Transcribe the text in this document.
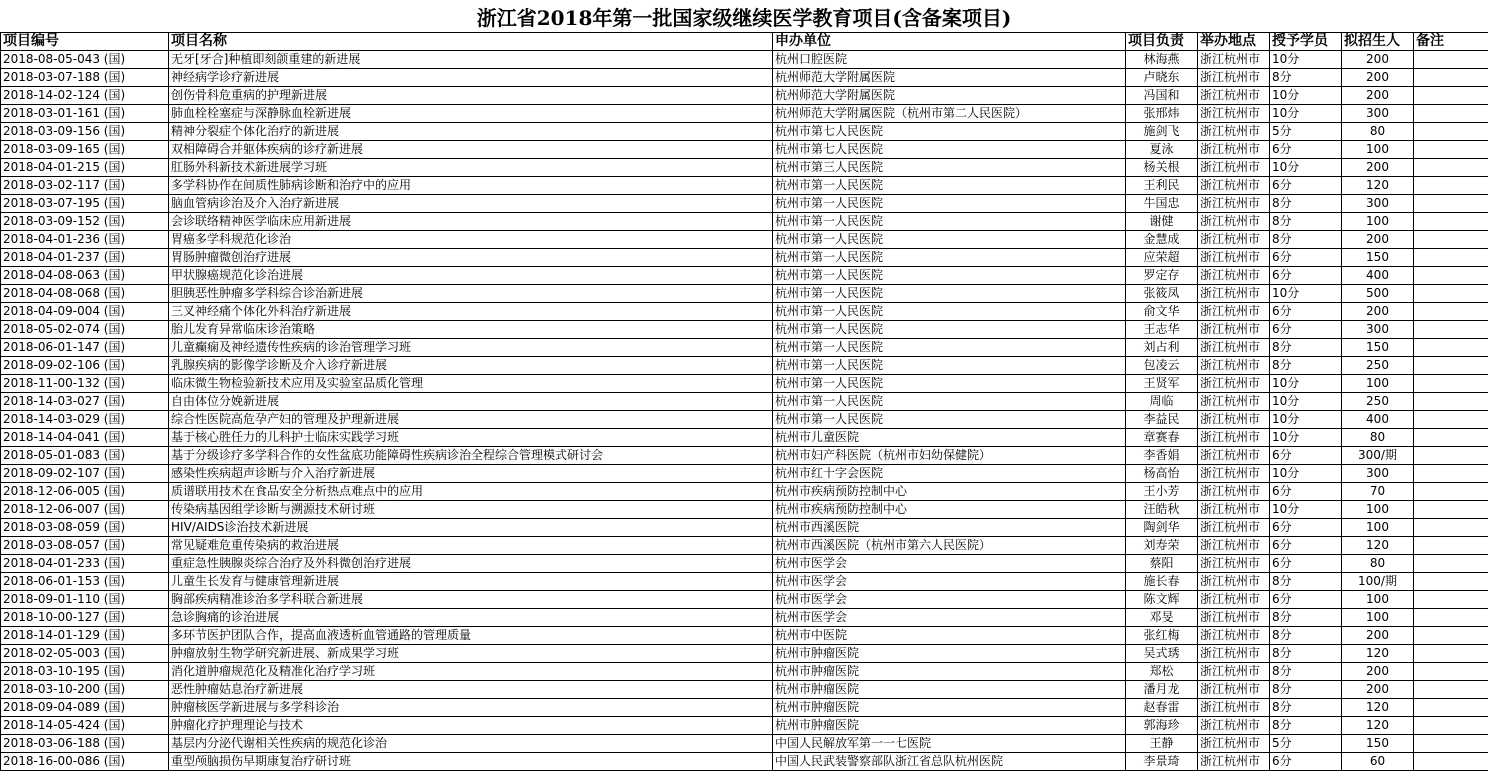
浙江省2018年第一批国家级继续医学教育项目(含备案项目)
项目编号	项目名称	申办单位	项目负责	举办地点	授予学员	拟招生人	备注
2018-08-05-043 (国)	无牙[牙合]种植即刻颌重建的新进展	杭州口腔医院	林海燕	浙江杭州市	10分	200	
2018-03-07-188 (国)	神经病学诊疗新进展	杭州师范大学附属医院	卢晓东	浙江杭州市	8分	200	
2018-14-02-124 (国)	创伤骨科危重病的护理新进展	杭州师范大学附属医院	冯国和	浙江杭州市	10分	200	
2018-03-01-161 (国)	肺血栓栓塞症与深静脉血栓新进展	杭州师范大学附属医院（杭州市第二人民医院）	张邢炜	浙江杭州市	10分	300	
2018-03-09-156 (国)	精神分裂症个体化治疗的新进展	杭州市第七人民医院	施剑飞	浙江杭州市	5分	80	
2018-03-09-165 (国)	双相障碍合并躯体疾病的诊疗新进展	杭州市第七人民医院	夏泳	浙江杭州市	6分	100	
2018-04-01-215 (国)	肛肠外科新技术新进展学习班	杭州市第三人民医院	杨关根	浙江杭州市	10分	200	
2018-03-02-117 (国)	多学科协作在间质性肺病诊断和治疗中的应用	杭州市第一人民医院	王利民	浙江杭州市	6分	120	
2018-03-07-195 (国)	脑血管病诊治及介入治疗新进展	杭州市第一人民医院	牛国忠	浙江杭州市	8分	300	
2018-03-09-152 (国)	会诊联络精神医学临床应用新进展	杭州市第一人民医院	谢健	浙江杭州市	8分	100	
2018-04-01-236 (国)	胃癌多学科规范化诊治	杭州市第一人民医院	金慧成	浙江杭州市	8分	200	
2018-04-01-237 (国)	胃肠肿瘤微创治疗进展	杭州市第一人民医院	应荣超	浙江杭州市	6分	150	
2018-04-08-063 (国)	甲状腺癌规范化诊治进展	杭州市第一人民医院	罗定存	浙江杭州市	6分	400	
2018-04-08-068 (国)	胆胰恶性肿瘤多学科综合诊治新进展	杭州市第一人民医院	张筱凤	浙江杭州市	10分	500	
2018-04-09-004 (国)	三叉神经痛个体化外科治疗新进展	杭州市第一人民医院	俞文华	浙江杭州市	6分	200	
2018-05-02-074 (国)	胎儿发育异常临床诊治策略	杭州市第一人民医院	王志华	浙江杭州市	6分	300	
2018-06-01-147 (国)	儿童癫痫及神经遗传性疾病的诊治管理学习班	杭州市第一人民医院	刘占利	浙江杭州市	8分	150	
2018-09-02-106 (国)	乳腺疾病的影像学诊断及介入诊疗新进展	杭州市第一人民医院	包凌云	浙江杭州市	8分	250	
2018-11-00-132 (国)	临床微生物检验新技术应用及实验室品质化管理	杭州市第一人民医院	王贤军	浙江杭州市	10分	100	
2018-14-03-027 (国)	自由体位分娩新进展	杭州市第一人民医院	周临	浙江杭州市	10分	250	
2018-14-03-029 (国)	综合性医院高危孕产妇的管理及护理新进展	杭州市第一人民医院	李益民	浙江杭州市	10分	400	
2018-14-04-041 (国)	基于核心胜任力的儿科护士临床实践学习班	杭州市儿童医院	章赛春	浙江杭州市	10分	80	
2018-05-01-083 (国)	基于分级诊疗多学科合作的女性盆底功能障碍性疾病诊治全程综合管理模式研讨会	杭州市妇产科医院（杭州市妇幼保健院）	李香娟	浙江杭州市	6分	300/期	
2018-09-02-107 (国)	感染性疾病超声诊断与介入治疗新进展	杭州市红十字会医院	杨高怡	浙江杭州市	10分	300	
2018-12-06-005 (国)	质谱联用技术在食品安全分析热点难点中的应用	杭州市疾病预防控制中心	王小芳	浙江杭州市	6分	70	
2018-12-06-007 (国)	传染病基因组学诊断与溯源技术研讨班	杭州市疾病预防控制中心	汪皓秋	浙江杭州市	10分	100	
2018-03-08-059 (国)	HIV/AIDS诊治技术新进展	杭州市西溪医院	陶剑华	浙江杭州市	6分	100	
2018-03-08-057 (国)	常见疑难危重传染病的救治进展	杭州市西溪医院（杭州市第六人民医院）	刘寿荣	浙江杭州市	6分	120	
2018-04-01-233 (国)	重症急性胰腺炎综合治疗及外科微创治疗进展	杭州市医学会	蔡阳	浙江杭州市	6分	80	
2018-06-01-153 (国)	儿童生长发育与健康管理新进展	杭州市医学会	施长春	浙江杭州市	8分	100/期	
2018-09-01-110 (国)	胸部疾病精准诊治多学科联合新进展	杭州市医学会	陈文辉	浙江杭州市	6分	100	
2018-10-00-127 (国)	急诊胸痛的诊治进展	杭州市医学会	邓旻	浙江杭州市	8分	100	
2018-14-01-129 (国)	多环节医护团队合作，提高血液透析血管通路的管理质量	杭州市中医院	张红梅	浙江杭州市	8分	200	
2018-02-05-003 (国)	肿瘤放射生物学研究新进展、新成果学习班	杭州市肿瘤医院	吴式琇	浙江杭州市	8分	120	
2018-03-10-195 (国)	消化道肿瘤规范化及精准化治疗学习班	杭州市肿瘤医院	郑松	浙江杭州市	8分	200	
2018-03-10-200 (国)	恶性肿瘤姑息治疗新进展	杭州市肿瘤医院	潘月龙	浙江杭州市	8分	200	
2018-09-04-089 (国)	肿瘤核医学新进展与多学科诊治	杭州市肿瘤医院	赵春雷	浙江杭州市	8分	120	
2018-14-05-424 (国)	肿瘤化疗护理理论与技术	杭州市肿瘤医院	郭海珍	浙江杭州市	8分	120	
2018-03-06-188 (国)	基层内分泌代谢相关性疾病的规范化诊治	中国人民解放军第一一七医院	王静	浙江杭州市	5分	150	
2018-16-00-086 (国)	重型颅脑损伤早期康复治疗研讨班	中国人民武装警察部队浙江省总队杭州医院	李景琦	浙江杭州市	6分	60	
